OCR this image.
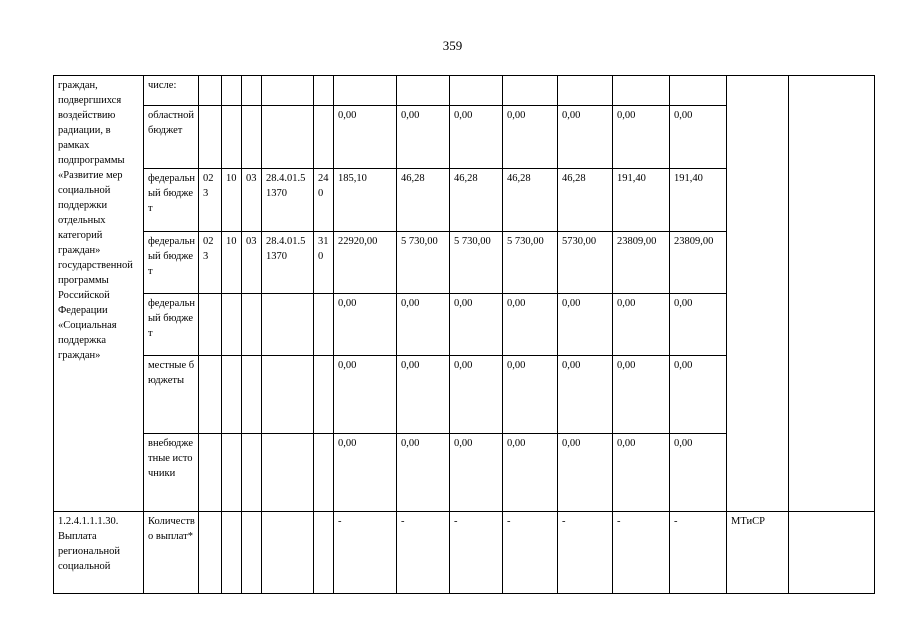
359
граждан, подвергшихся воздействию радиации, в рамках подпрограммы «Развитие мер социальной поддержки отдельных категорий граждан» государственной программы Российской Федерации «Социальная поддержка граждан»	числе:														
	областной бюджет						0,00	0,00	0,00	0,00	0,00	0,00	0,00		
	федеральный бюджет	023	10	03	28.4.01.51370	240	185,10	46,28	46,28	46,28	46,28	191,40	191,40		
	федеральный бюджет	023	10	03	28.4.01.51370	310	22920,00	5 730,00	5 730,00	5 730,00	5730,00	23809,00	23809,00		
	федеральный бюджет						0,00	0,00	0,00	0,00	0,00	0,00	0,00		
	местные бюджеты						0,00	0,00	0,00	0,00	0,00	0,00	0,00		
	внебюджетные источники						0,00	0,00	0,00	0,00	0,00	0,00	0,00		
1.2.4.1.1.1.30. Выплата региональной социальной	Количество выплат*						-	-	-	-	-	-	-	МТиСР	
